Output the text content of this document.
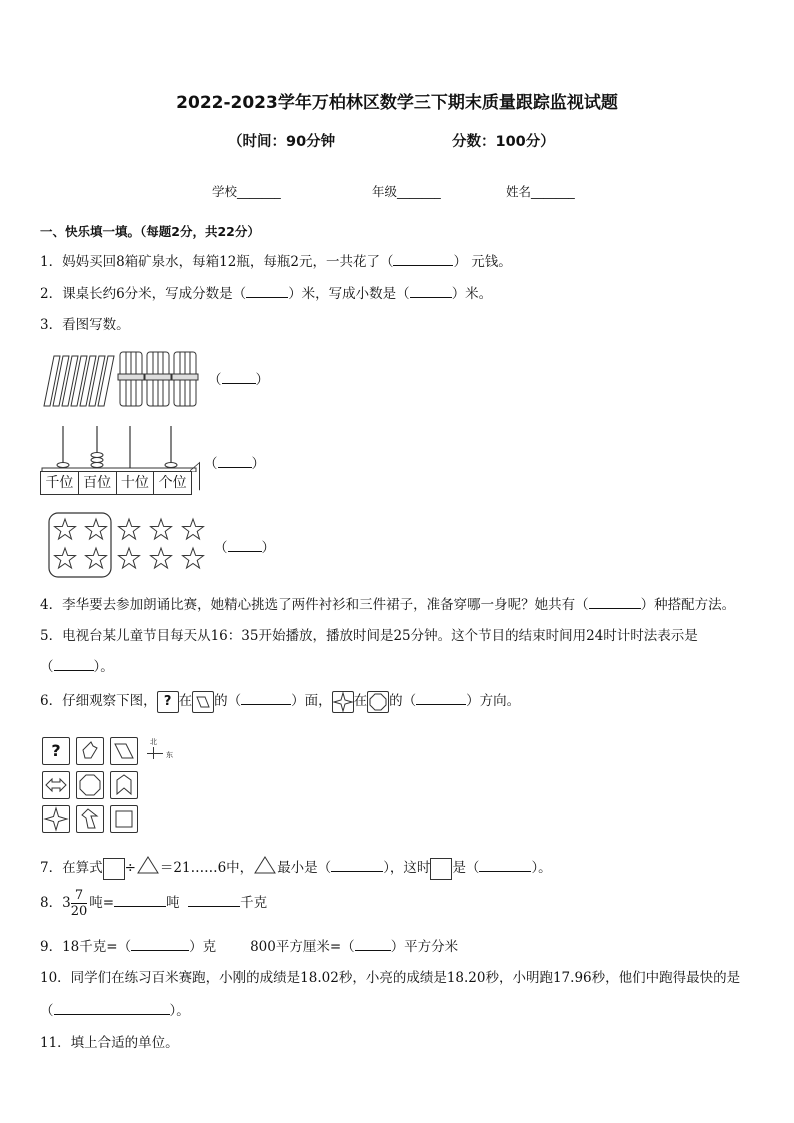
2022-2023学年万柏林区数学三下期末质量跟踪监视试题
（时间：90分钟	分数：100分）
学校_______	年级_______	姓名_______
一、快乐填一填。（每题2分，共22分）
1．妈妈买回8箱矿泉水，每箱12瓶，每瓶2元，一共花了（	） 元钱。
2．课桌长约6分米，写成分数是（	）米，写成小数是（	）米。
3．看图写数。
（	）
千位 百位 十位 个位
（	）
（	）
4．李华要去参加朗诵比赛，她精心挑选了两件衬衫和三件裙子，准备穿哪一身呢？她共有（	）种搭配方法。
5．电视台某儿童节目每天从16：35开始播放，播放时间是25分钟。这个节目的结束时间用24时计时法表示是
（	）。
6．仔细观察下图， ? 在 的（	）面， 在 的（	）方向。
?	北
东
7．在算式 ÷ ＝21……6中， 最小是（	），这时 是（	）。
8．$3 \frac{7}{20}$ 吨=	吨	千克
9．18千克=（	）克	800平方厘米=（	）平方分米
10．同学们在练习百米赛跑，小刚的成绩是18.02秒，小亮的成绩是18.20秒，小明跑17.96秒，他们中跑得最快的是
（	）。
11．填上合适的单位。
